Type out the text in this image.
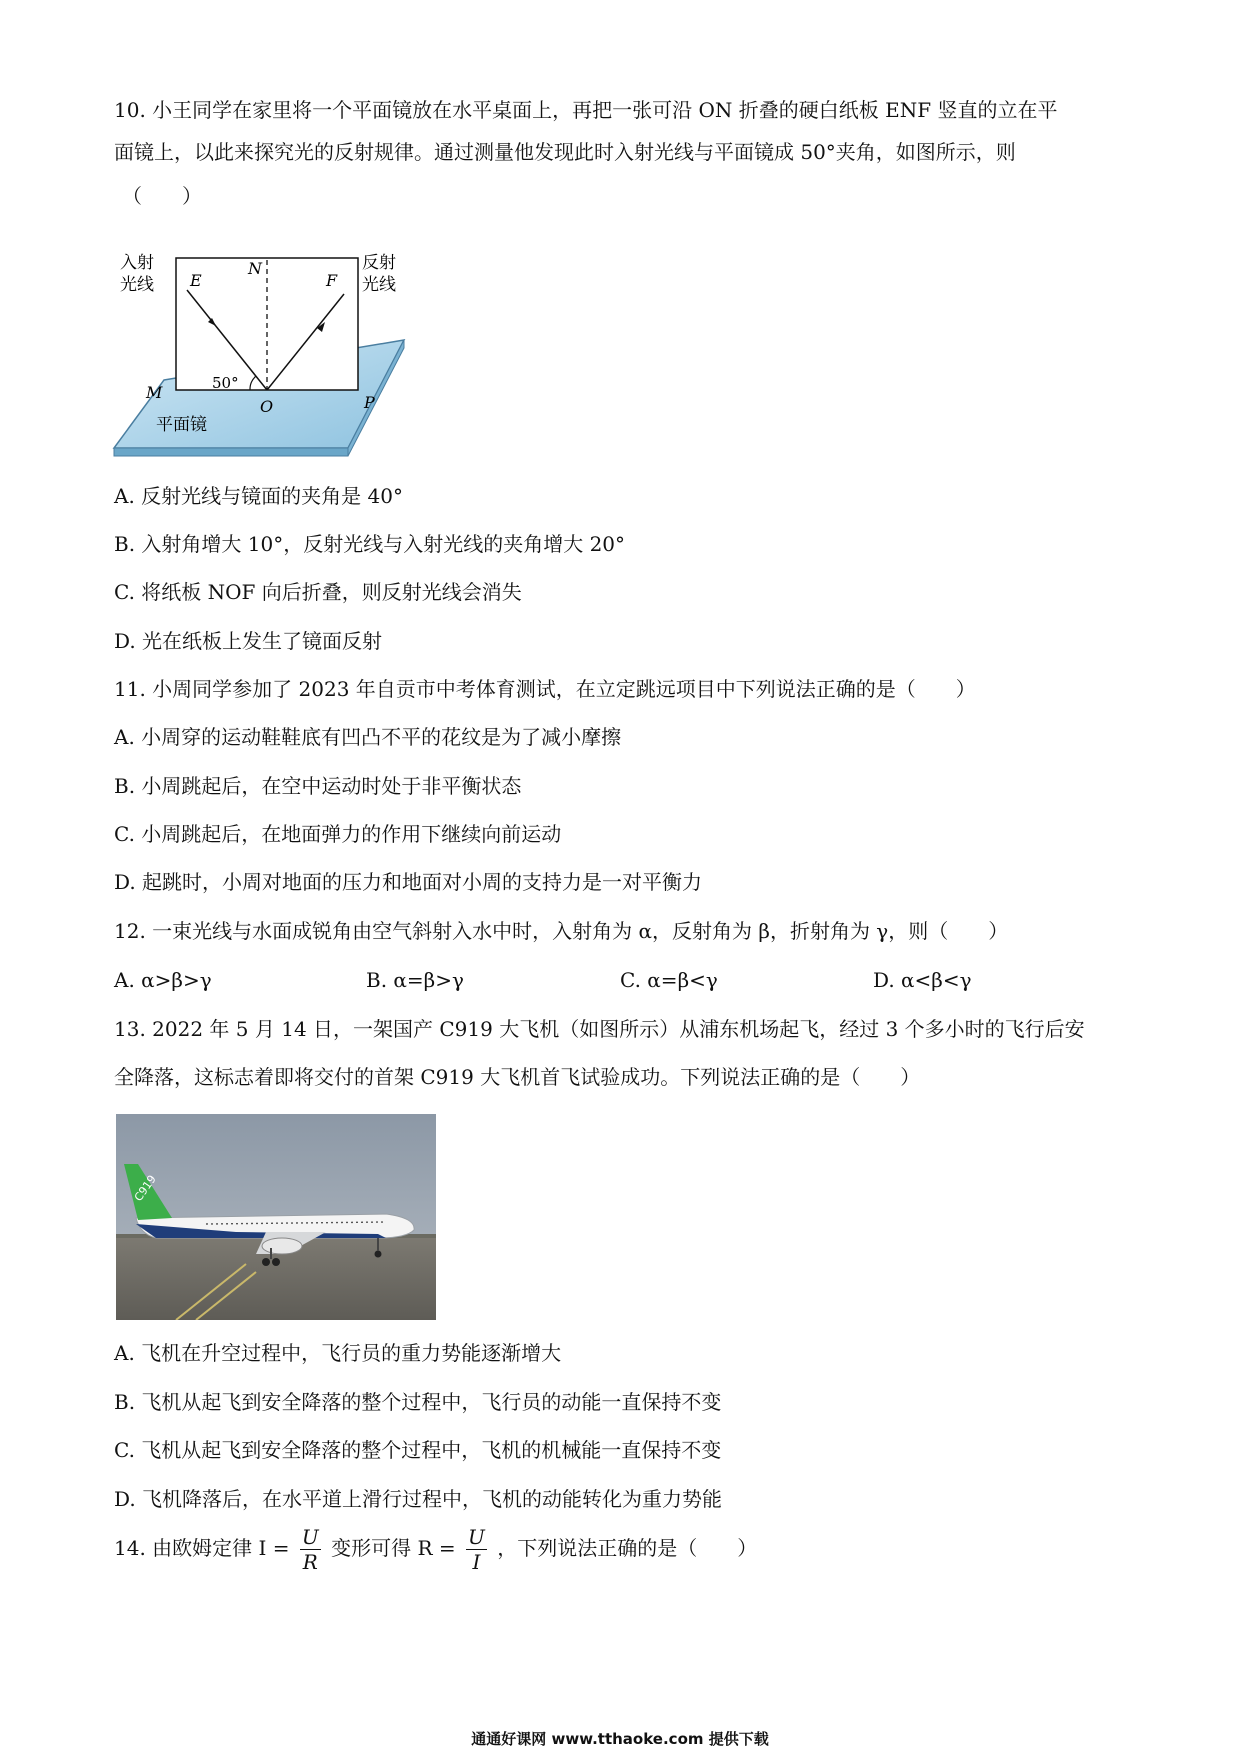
10. 小王同学在家里将一个平面镜放在水平桌面上，再把一张可沿 ON 折叠的硬白纸板 ENF 竖直的立在平
面镜上，以此来探究光的反射规律。通过测量他发现此时入射光线与平面镜成 50°夹角，如图所示，则
（　　）
入射
光线
反射
光线
E
N
F
M
O	P
50°
平面镜
A. 反射光线与镜面的夹角是 40°
B. 入射角增大 10°，反射光线与入射光线的夹角增大 20°
C. 将纸板 NOF 向后折叠，则反射光线会消失
D. 光在纸板上发生了镜面反射
11. 小周同学参加了 2023 年自贡市中考体育测试，在立定跳远项目中下列说法正确的是（　　）
A. 小周穿的运动鞋鞋底有凹凸不平的花纹是为了减小摩擦
B. 小周跳起后，在空中运动时处于非平衡状态
C. 小周跳起后，在地面弹力的作用下继续向前运动
D. 起跳时，小周对地面的压力和地面对小周的支持力是一对平衡力
12. 一束光线与水面成锐角由空气斜射入水中时，入射角为 α，反射角为 β，折射角为 γ，则（　　）
A. α>β>γ	B. α=β>γ	C. α=β<γ	D. α<β<γ
13. 2022 年 5 月 14 日，一架国产 C919 大飞机（如图所示）从浦东机场起飞，经过 3 个多小时的飞行后安
全降落，这标志着即将交付的首架 C919 大飞机首飞试验成功。下列说法正确的是（　　）
C919
A. 飞机在升空过程中，飞行员的重力势能逐渐增大
B. 飞机从起飞到安全降落的整个过程中，飞行员的动能一直保持不变
C. 飞机从起飞到安全降落的整个过程中，飞机的机械能一直保持不变
D. 飞机降落后，在水平道上滑行过程中，飞机的动能转化为重力势能
14. 由欧姆定律 $I = \frac{U}{R}$ 变形可得 $R = \frac{U}{I}$ ，下列说法正确的是（　　）
通通好课网 www.tthaoke.com 提供下载
